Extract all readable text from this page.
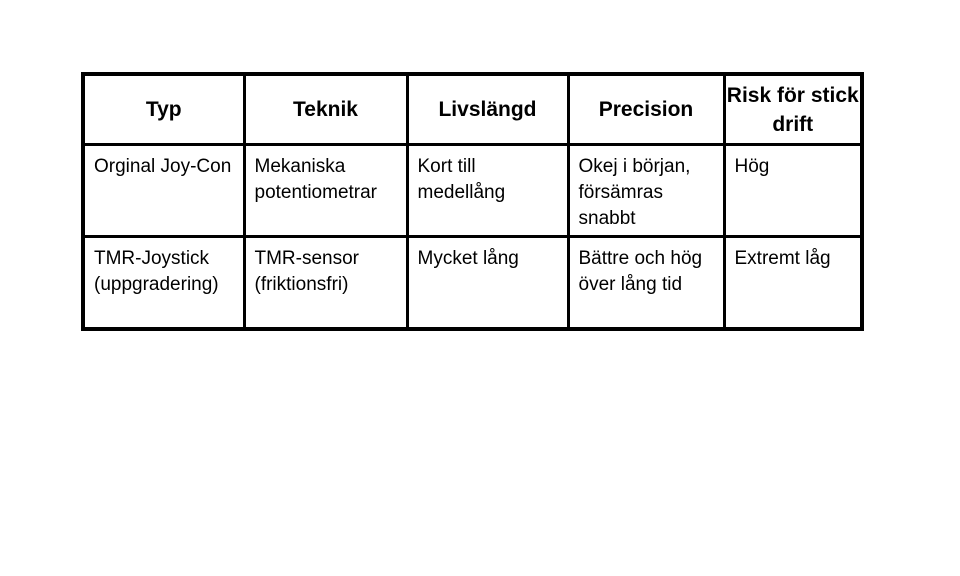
Typ	Teknik	Livslängd	Precision	Risk för stick drift
Orginal Joy-Con	Mekaniska potentiometrar	Kort till medellång	Okej i början, försämras snabbt	Hög
TMR-Joystick (uppgradering)	TMR-sensor (friktionsfri)	Mycket lång	Bättre och hög över lång tid	Extremt låg
